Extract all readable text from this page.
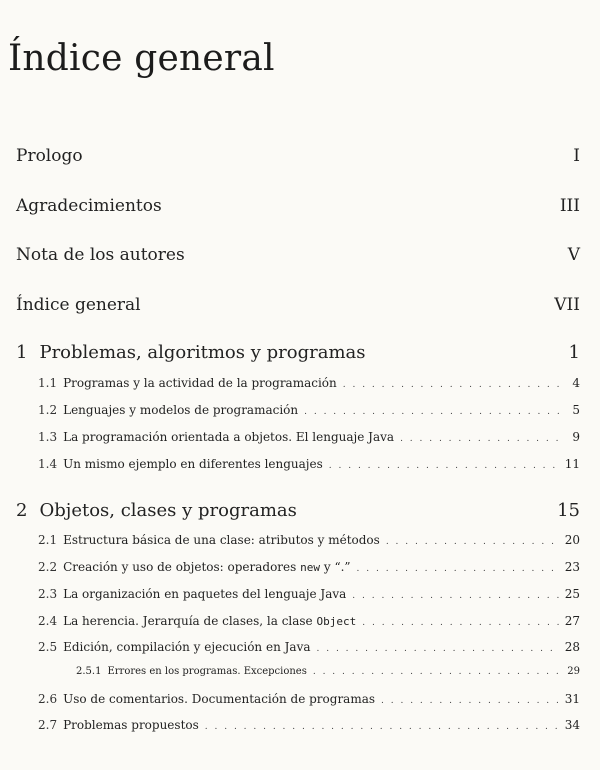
Índice general
Prologo	I
Agradecimientos	III
Nota de los autores	V
Índice general	VII
1 Problemas, algoritmos y programas	1
1.1 Programas y la actividad de la programación . . .	4
1.2 Lenguajes y modelos de programación . . .	5
1.3 La programación orientada a objetos. El lenguaje Java . . .	9
1.4 Un mismo ejemplo en diferentes lenguajes . . .	11
2 Objetos, clases y programas	15
2.1 Estructura básica de una clase: atributos y métodos . . .	20
2.2 Creación y uso de objetos: operadores new y “.” . . .	23
2.3 La organización en paquetes del lenguaje Java . . .	25
2.4 La herencia. Jerarquía de clases, la clase Object . . .	27
2.5 Edición, compilación y ejecución en Java . . .	28
2.5.1 Errores en los programas. Excepciones . . .	29
2.6 Uso de comentarios. Documentación de programas . . .	31
2.7 Problemas propuestos . . .	34
